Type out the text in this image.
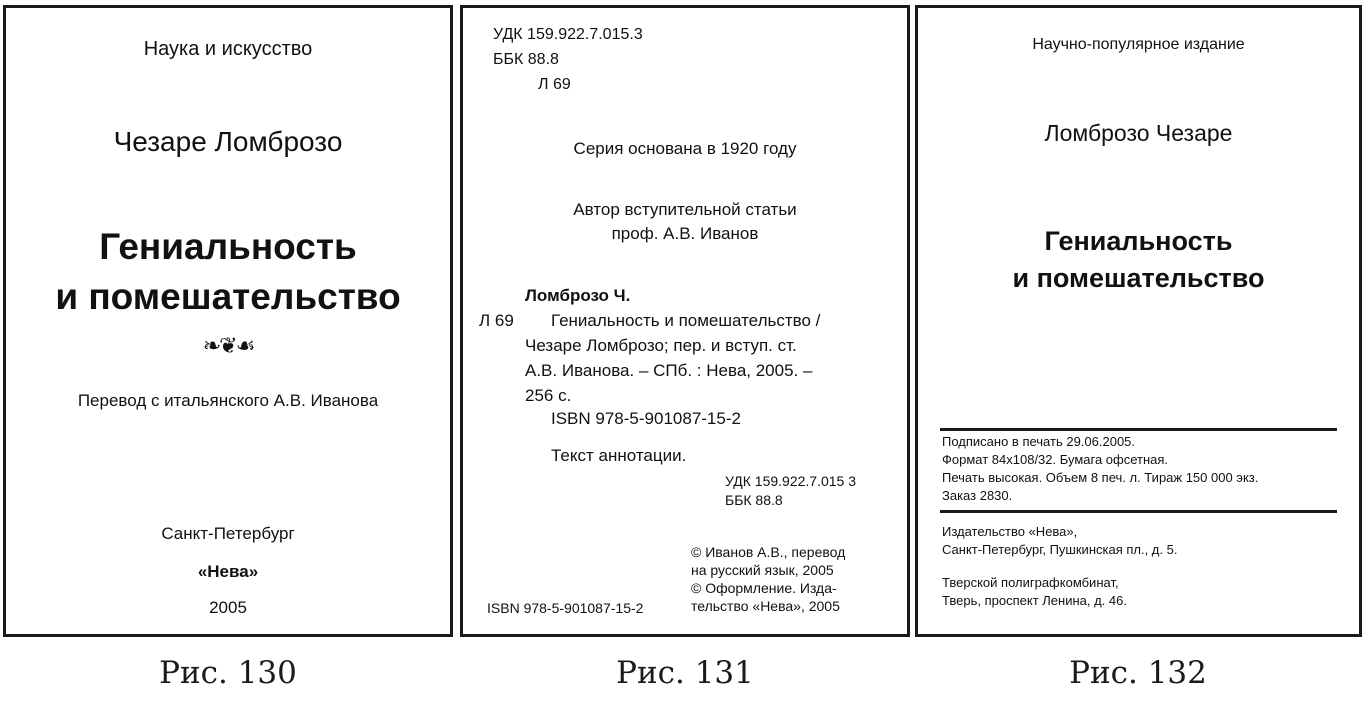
Наука и искусство
Чезаре Ломброзо
Гениальность
и помешательство
❧❦☙
Перевод с итальянского А.В. Иванова
Санкт-Петербург
«Нева»
2005
УДК 159.922.7.015.3
ББК 88.8
Л 69
Серия основана в 1920 году
Автор вступительной статьи
проф. А.В. Иванов
Ломброзо Ч.
Л 69 Гениальность и помешательство /
Чезаре Ломброзо; пер. и вступ. ст.
А.В. Иванова. – СПб. : Нева, 2005. –
256 с.
ISBN 978-5-901087-15-2
Текст аннотации.
УДК 159.922.7.015 3
ББК 88.8
© Иванов А.В., перевод
на русский язык, 2005
© Оформление. Изда-
тельство «Нева», 2005
ISBN 978-5-901087-15-2
Научно-популярное издание
Ломброзо Чезаре
Гениальность
и помешательство
Подписано в печать 29.06.2005.
Формат 84х108/32. Бумага офсетная.
Печать высокая. Объем 8 печ. л. Тираж 150 000 экз.
Заказ 2830.
Издательство «Нева»,
Санкт-Петербург, Пушкинская пл., д. 5.
Тверской полиграфкомбинат,
Тверь, проспект Ленина, д. 46.
Рис. 130	Рис. 131	Рис. 132
